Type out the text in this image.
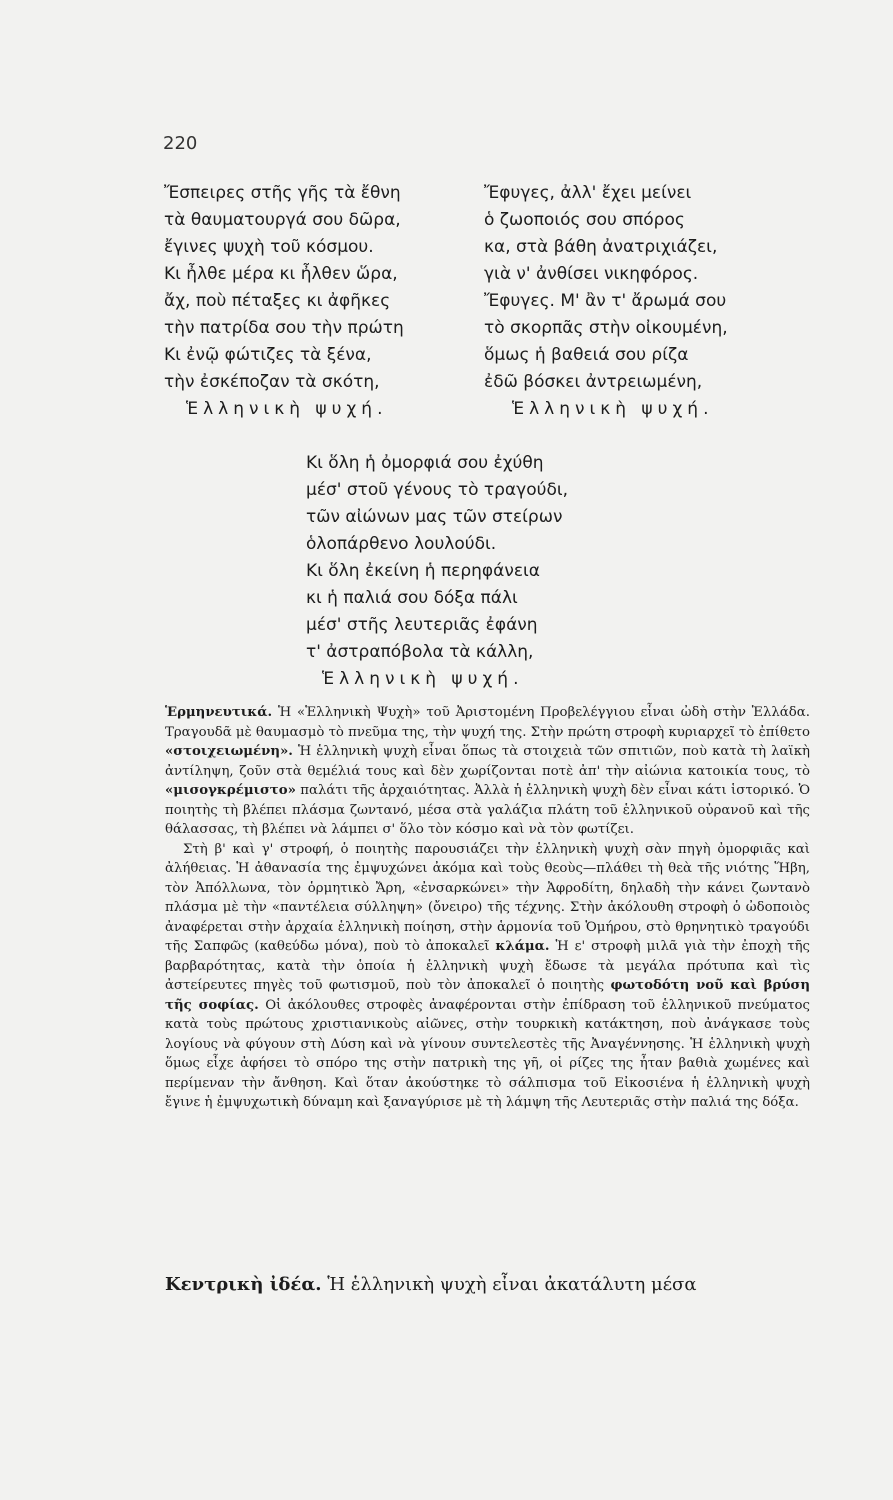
220
Ἔσπειρες στῆς γῆς τὰ ἔθνη
τὰ θαυματουργά σου δῶρα,
ἔγινες ψυχὴ τοῦ κόσμου.
Κι ἦλθε μέρα κι ἦλθεν ὥρα,
ἄχ, ποὺ πέταξες κι ἀφῆκες
τὴν πατρίδα σου τὴν πρώτη
Κι ἐνῷ φώτιζες τὰ ξένα,
τὴν ἐσκέποζαν τὰ σκότη,
Ἑλληνικὴ ψυχή.
Ἔφυγες, ἀλλ' ἔχει μείνει
ὁ ζωοποιός σου σπόρος
κα, στὰ βάθη ἀνατριχιάζει,
γιὰ ν' ἀνθίσει νικηφόρος.
Ἔφυγες. Μ' ἂν τ' ἄρωμά σου
τὸ σκορπᾶς στὴν οἰκουμένη,
ὅμως ἡ βαθειά σου ρίζα
ἐδῶ βόσκει ἀντρειωμένη,
Ἑλληνικὴ ψυχή.
Κι ὅλη ἡ ὀμορφιά σου ἐχύθη
μέσ' στοῦ γένους τὸ τραγούδι,
τῶν αἰώνων μας τῶν στείρων
ὁλοπάρθενο λουλούδι.
Κι ὅλη ἐκείνη ἡ περηφάνεια
κι ἡ παλιά σου δόξα πάλι
μέσ' στῆς λευτεριᾶς ἐφάνη
τ' ἀστραπόβολα τὰ κάλλη,
Ἑλληνικὴ ψυχή.

Ἑρμηνευτικά. Ἡ «Ἑλληνικὴ Ψυχὴ» τοῦ Ἀριστομένη Προβελέγγιου εἶναι ὠδὴ στὴν Ἑλλάδα. Τραγουδᾶ μὲ θαυμασμὸ τὸ πνεῦμα της, τὴν ψυχή της. Στὴν πρώτη στροφὴ κυριαρχεῖ τὸ ἐπίθετο «στοιχειωμένη». Ἡ ἑλληνικὴ ψυχὴ εἶναι ὅπως τὰ στοιχειὰ τῶν σπιτιῶν, ποὺ κατὰ τὴ λαϊκὴ ἀντίληψη, ζοῦν στὰ θεμέλιά τους καὶ δὲν χωρίζονται ποτὲ ἀπ' τὴν αἰώνια κατοικία τους, τὸ «μισογκρέμιστο» παλάτι τῆς ἀρχαιότητας. Ἀλλὰ ἡ ἑλληνικὴ ψυχὴ δὲν εἶναι κάτι ἱστορικό. Ὁ ποιητὴς τὴ βλέπει πλάσμα ζωντανό, μέσα στὰ γαλάζια πλάτη τοῦ ἑλληνικοῦ οὐρανοῦ καὶ τῆς θάλασσας, τὴ βλέπει νὰ λάμπει σ' ὅλο τὸν κόσμο καὶ νὰ τὸν φωτίζει.

Στὴ β' καὶ γ' στροφή, ὁ ποιητὴς παρουσιάζει τὴν ἑλληνικὴ ψυχὴ σὰν πηγὴ ὀμορφιᾶς καὶ ἀλήθειας. Ἡ ἀθανασία της ἐμψυχώνει ἀκόμα καὶ τοὺς θεοὺς—πλάθει τὴ θεὰ τῆς νιότης Ἥβη, τὸν Ἀπόλλωνα, τὸν ὁρμητικὸ Ἄρη, «ἐνσαρκώνει» τὴν Ἀφροδίτη, δηλαδὴ τὴν κάνει ζωντανὸ πλάσμα μὲ τὴν «παντέλεια σύλληψη» (ὄνειρο) τῆς τέχνης. Στὴν ἀκόλουθη στροφὴ ὁ ὠδοποιὸς ἀναφέρεται στὴν ἀρχαία ἑλληνικὴ ποίηση, στὴν ἁρμονία τοῦ Ὁμήρου, στὸ θρηνητικὸ τραγούδι τῆς Σαπφῶς (καθεύδω μόνα), ποὺ τὸ ἀποκαλεῖ κλάμα. Ἡ ε' στροφὴ μιλᾶ γιὰ τὴν ἐποχὴ τῆς βαρβαρότητας, κατὰ τὴν ὁποία ἡ ἑλληνικὴ ψυχὴ ἔδωσε τὰ μεγάλα πρότυπα καὶ τὶς ἀστείρευτες πηγὲς τοῦ φωτισμοῦ, ποὺ τὸν ἀποκαλεῖ ὁ ποιητὴς φωτοδότη νοῦ καὶ βρύση τῆς σοφίας. Οἱ ἀκόλουθες στροφὲς ἀναφέρονται στὴν ἐπίδραση τοῦ ἑλληνικοῦ πνεύματος κατὰ τοὺς πρώτους χριστιανικοὺς αἰῶνες, στὴν τουρκικὴ κατάκτηση, ποὺ ἀνάγκασε τοὺς λογίους νὰ φύγουν στὴ Δύση καὶ νὰ γίνουν συντελεστὲς τῆς Ἀναγέννησης. Ἡ ἑλληνικὴ ψυχὴ ὅμως εἶχε ἀφήσει τὸ σπόρο της στὴν πατρικὴ της γῆ, οἱ ρίζες της ἦταν βαθιὰ χωμένες καὶ περίμεναν τὴν ἄνθηση. Καὶ ὅταν ἀκούστηκε τὸ σάλπισμα τοῦ Εἰκοσιένα ἡ ἑλληνικὴ ψυχὴ ἔγινε ἡ ἐμψυχωτικὴ δύναμη καὶ ξαναγύρισε μὲ τὴ λάμψη τῆς Λευτεριᾶς στὴν παλιά της δόξα.

Κεντρικὴ ἰδέα. Ἡ ἑλληνικὴ ψυχὴ εἶναι ἀκατάλυτη μέσα
